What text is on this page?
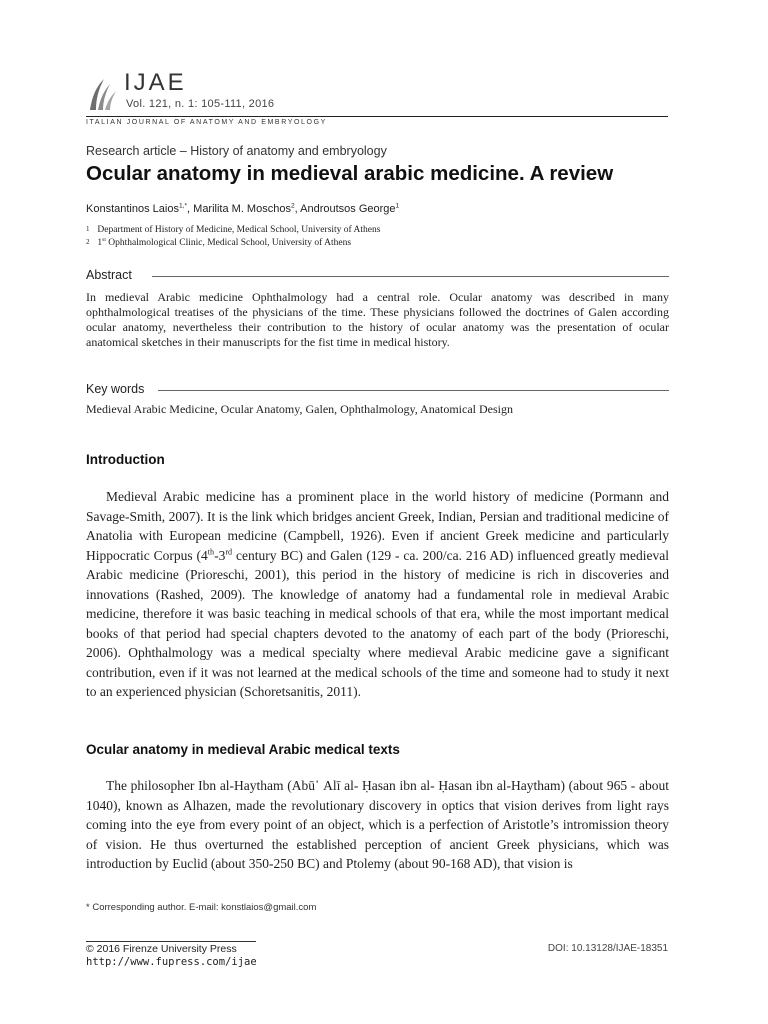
IJAE
Vol. 121, n. 1: 105-111, 2016
ITALIAN JOURNAL OF ANATOMY AND EMBRYOLOGY
Research article – History of anatomy and embryology
Ocular anatomy in medieval arabic medicine. A review
Konstantinos Laios$^{1,*}$, Marilita M. Moschos$^2$, Androutsos George$^1$
1 Department of History of Medicine, Medical School, University of Athens
2 1st Ophthalmological Clinic, Medical School, University of Athens
Abstract
In medieval Arabic medicine Ophthalmology had a central role. Ocular anatomy was described in many ophthalmological treatises of the physicians of the time. These physicians followed the doctrines of Galen according ocular anatomy, nevertheless their contribution to the history of ocular anatomy was the presentation of ocular anatomical sketches in their manuscripts for the fist time in medical history.
Key words
Medieval Arabic Medicine, Ocular Anatomy, Galen, Ophthalmology, Anatomical Design
Introduction

Medieval Arabic medicine has a prominent place in the world history of medicine (Pormann and Savage-Smith, 2007). It is the link which bridges ancient Greek, Indian, Persian and traditional medicine of Anatolia with European medicine (Campbell, 1926). Even if ancient Greek medicine and particularly Hippocratic Corpus (4th-3rd century BC) and Galen (129 - ca. 200/ca. 216 AD) influenced greatly medieval Arabic medicine (Prioreschi, 2001), this period in the history of medicine is rich in discoveries and innovations (Rashed, 2009). The knowledge of anatomy had a fundamental role in medieval Arabic medicine, therefore it was basic teaching in medical schools of that era, while the most important medical books of that period had special chapters devoted to the anatomy of each part of the body (Prioreschi, 2006). Ophthalmology was a medical specialty where medieval Arabic medicine gave a significant contribution, even if it was not learned at the medical schools of the time and someone had to study it next to an experienced physician (Schoretsanitis, 2011).

Ocular anatomy in medieval Arabic medical texts

The philosopher Ibn al-Haytham (Abū῾ Alī al- Ḥasan ibn al- Ḥasan ibn al-Haytham) (about 965 - about 1040), known as Alhazen, made the revolutionary discovery in optics that vision derives from light rays coming into the eye from every point of an object, which is a perfection of Aristotle’s intromission theory of vision. He thus overturned the established perception of ancient Greek physicians, which was introduction by Euclid (about 350-250 BC) and Ptolemy (about 90-168 AD), that vision is

* Corresponding author. E-mail: konstlaios@gmail.com
© 2016 Firenze University Press
http://www.fupress.com/ijae
DOI: 10.13128/IJAE-18351
